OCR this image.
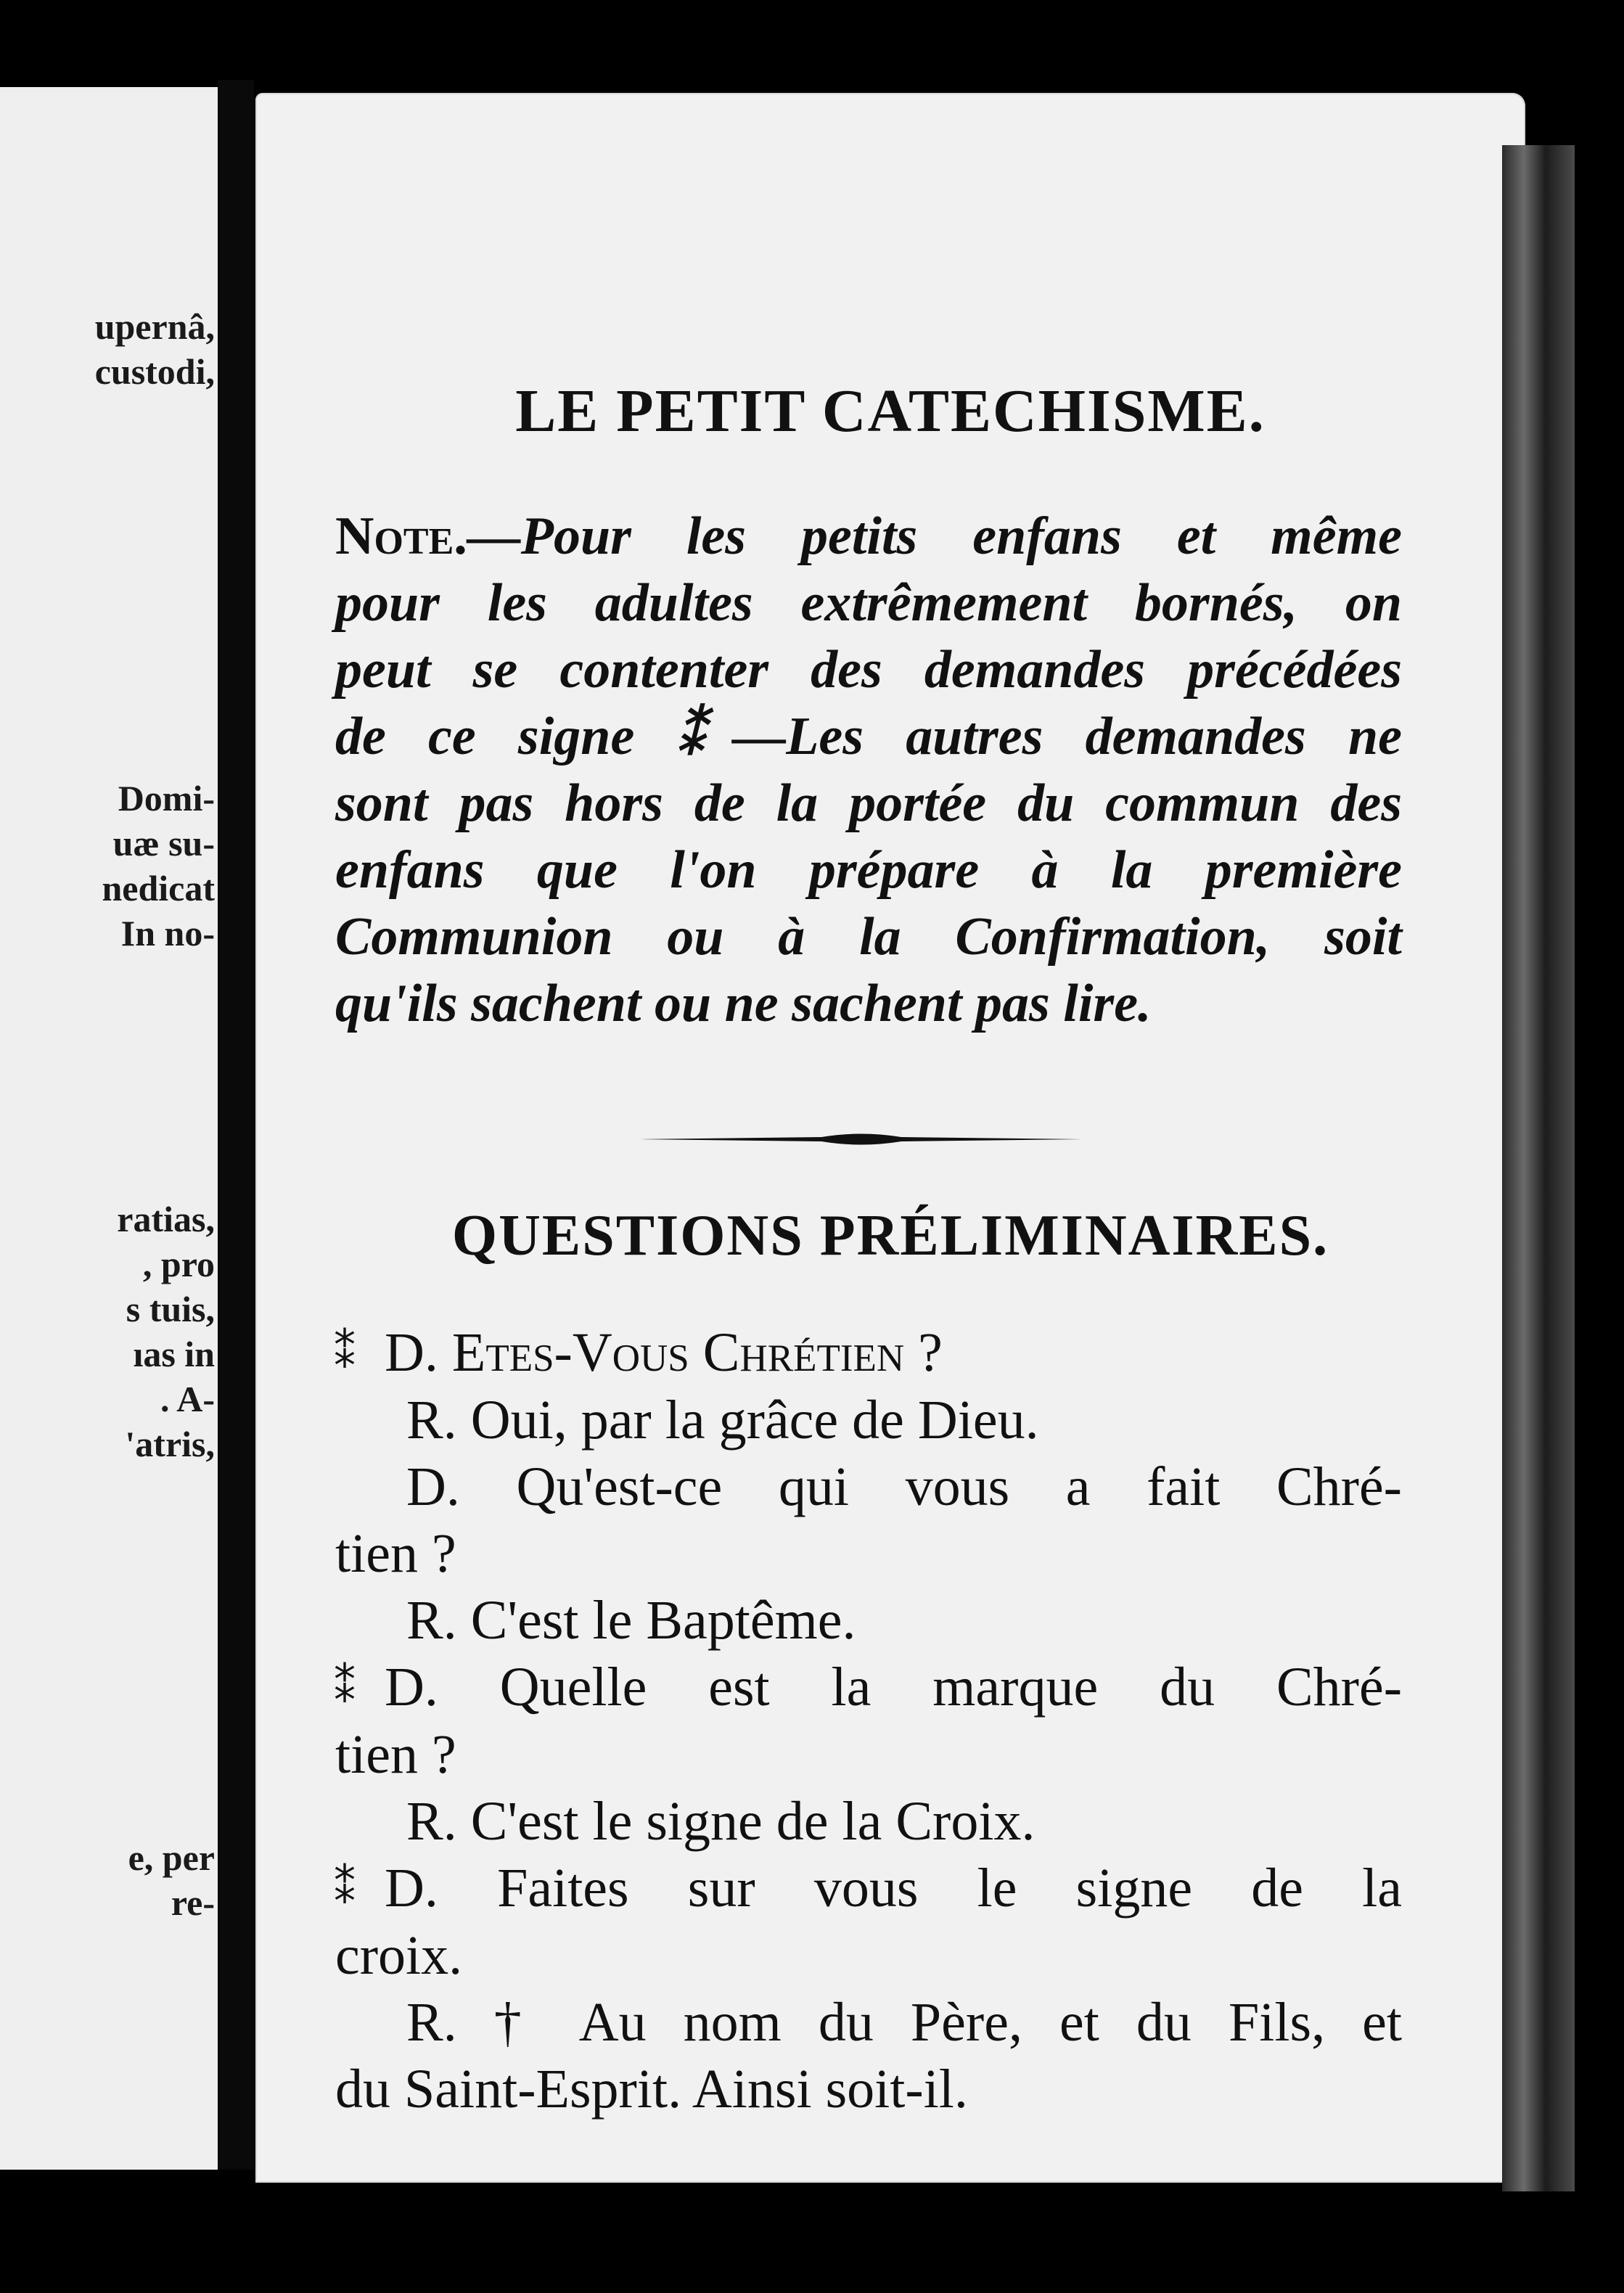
upernâ,
custodi,
Domi-
uæ su-
nedicat
In no-
ratias,
, pro
s tuis,
ıas in
. A-
'atris,
e, per
re-
LE PETIT CATECHISME.
Note.—Pour les petits enfans et même
pour les adultes extrêmement bornés, on
peut se contenter des demandes précédées
de ce signe ⁑—Les autres demandes ne
sont pas hors de la portée du commun des
enfans que l'on prépare à la première
Communion ou à la Confirmation, soit
qu'ils sachent ou ne sachent pas lire.
QUESTIONS PRÉLIMINAIRES.
⁑ D. Etes-Vous Chrétien ?
R. Oui, par la grâce de Dieu.
D. Qu'est-ce qui vous a fait Chré-
tien ?
R. C'est le Baptême.
⁑ D. Quelle est la marque du Chré-
tien ?
R. C'est le signe de la Croix.
⁑ D. Faites sur vous le signe de la
croix.
R. † Au nom du Père, et du Fils, et
du Saint-Esprit. Ainsi soit-il.
